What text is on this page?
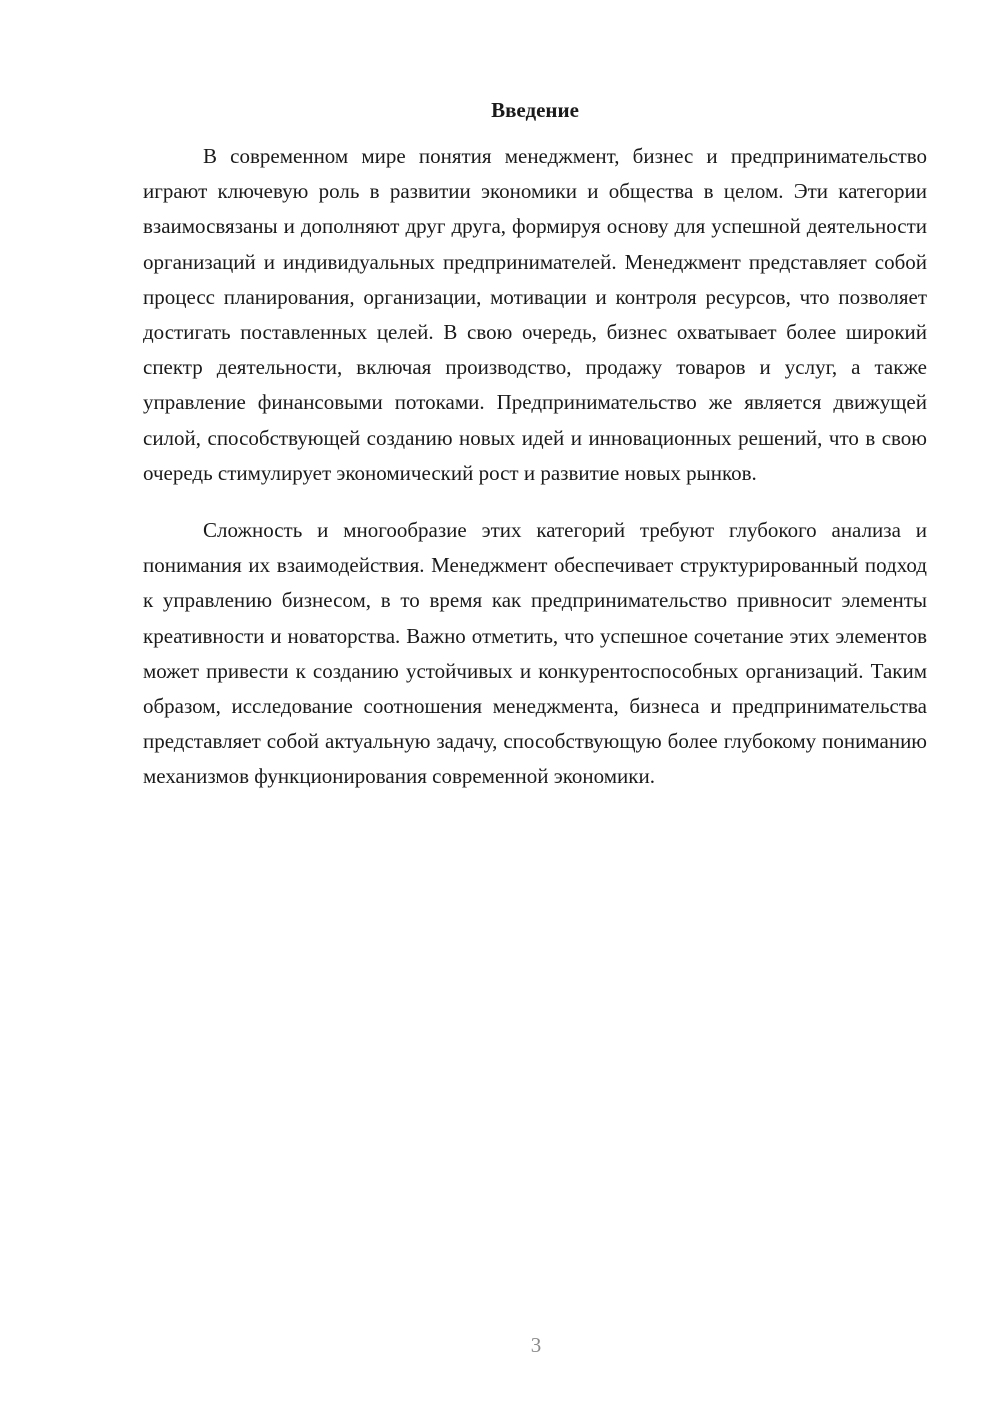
Введение

В современном мире понятия менеджмент, бизнес и предпринимательство играют ключевую роль в развитии экономики и общества в целом. Эти категории взаимосвязаны и дополняют друг друга, формируя основу для успешной деятельности организаций и индивидуальных предпринимателей. Менеджмент представляет собой процесс планирования, организации, мотивации и контроля ресурсов, что позволяет достигать поставленных целей. В свою очередь, бизнес охватывает более широкий спектр деятельности, включая производство, продажу товаров и услуг, а также управление финансовыми потоками. Предпринимательство же является движущей силой, способствующей созданию новых идей и инновационных решений, что в свою очередь стимулирует экономический рост и развитие новых рынков.

Сложность и многообразие этих категорий требуют глубокого анализа и понимания их взаимодействия. Менеджмент обеспечивает структурированный подход к управлению бизнесом, в то время как предпринимательство привносит элементы креативности и новаторства. Важно отметить, что успешное сочетание этих элементов может привести к созданию устойчивых и конкурентоспособных организаций. Таким образом, исследование соотношения менеджмента, бизнеса и предпринимательства представляет собой актуальную задачу, способствующую более глубокому пониманию механизмов функционирования современной экономики.

3
